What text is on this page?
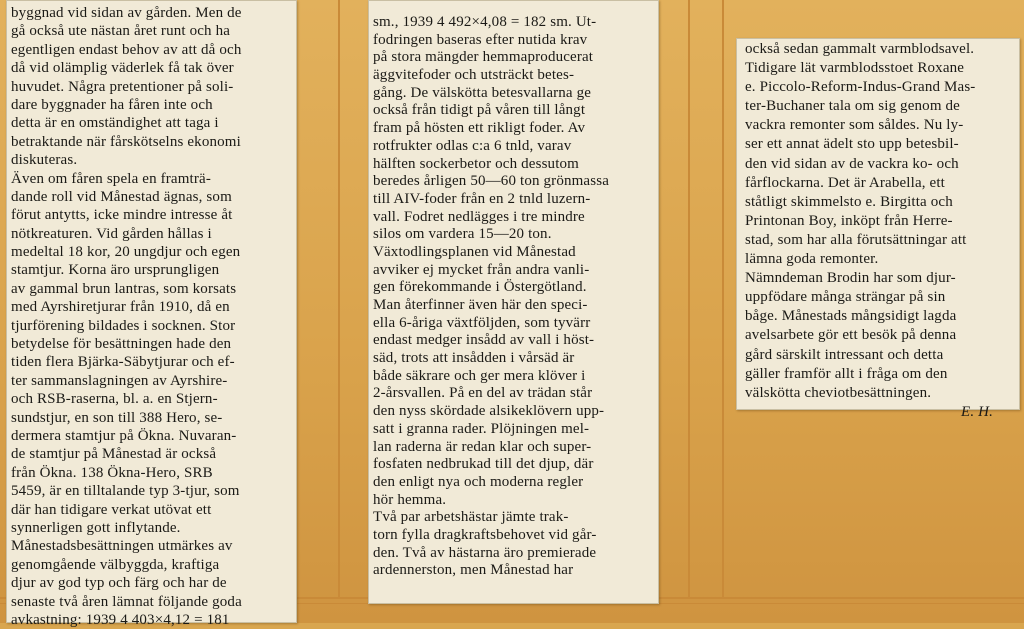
byggnad vid sidan av gården. Men de
gå också ute nästan året runt och ha
egentligen endast behov av att då och
då vid olämplig väderlek få tak över
huvudet. Några pretentioner på soli-
dare byggnader ha fåren inte och
detta är en omständighet att taga i
betraktande när fårskötselns ekonomi
diskuteras.
Även om fåren spela en framträ-
dande roll vid Månestad ägnas, som
förut antytts, icke mindre intresse åt
nötkreaturen. Vid gården hållas i
medeltal 18 kor, 20 ungdjur och egen
stamtjur. Korna äro ursprungligen
av gammal brun lantras, som korsats
med Ayrshiretjurar från 1910, då en
tjurförening bildades i socknen. Stor
betydelse för besättningen hade den
tiden flera Bjärka-Säbytjurar och ef-
ter sammanslagningen av Ayrshire-
och RSB-raserna, bl. a. en Stjern-
sundstjur, en son till 388 Hero, se-
dermera stamtjur på Ökna. Nuvaran-
de stamtjur på Månestad är också
från Ökna. 138 Ökna-Hero, SRB
5459, är en tilltalande typ 3-tjur, som
där han tidigare verkat utövat ett
synnerligen gott inflytande.
Månestadsbesättningen utmärkes av
genomgående välbyggda, kraftiga
djur av god typ och färg och har de
senaste två åren lämnat följande goda
avkastning: 1939 4 403×4,12 = 181
sm., 1939 4 492×4,08 = 182 sm. Ut-
fodringen baseras efter nutida krav
på stora mängder hemmaproducerat
äggvitefoder och utsträckt betes-
gång. De välskötta betesvallarna ge
också från tidigt på våren till långt
fram på hösten ett rikligt foder. Av
rotfrukter odlas c:a 6 tnld, varav
hälften sockerbetor och dessutom
beredes årligen 50—60 ton grönmassa
till AIV-foder från en 2 tnld luzern-
vall. Fodret nedlägges i tre mindre
silos om vardera 15—20 ton.
Växtodlingsplanen vid Månestad
avviker ej mycket från andra vanli-
gen förekommande i Östergötland.
Man återfinner även här den speci-
ella 6-åriga växtföljden, som tyvärr
endast medger insådd av vall i höst-
säd, trots att insådden i vårsäd är
både säkrare och ger mera klöver i
2-årsvallen. På en del av trädan står
den nyss skördade alsikeklövern upp-
satt i granna rader. Plöjningen mel-
lan raderna är redan klar och super-
fosfaten nedbrukad till det djup, där
den enligt nya och moderna regler
hör hemma.
Två par arbetshästar jämte trak-
torn fylla dragkraftsbehovet vid går-
den. Två av hästarna äro premierade
ardennerston, men Månestad har

också sedan gammalt varmblodsavel.
Tidigare lät varmblodsstoet Roxane
e. Piccolo-Reform-Indus-Grand Mas-
ter-Buchaner tala om sig genom de
vackra remonter som såldes. Nu ly-
ser ett annat ädelt sto upp betesbil-
den vid sidan av de vackra ko- och
fårflockarna. Det är Arabella, ett
ståtligt skimmelsto e. Birgitta och
Printonan Boy, inköpt från Herre-
stad, som har alla förutsättningar att
lämna goda remonter.
Nämndeman Brodin har som djur-
uppfödare många strängar på sin
båge. Månestads mångsidigt lagda
avelsarbete gör ett besök på denna
gård särskilt intressant och detta
gäller framför allt i fråga om den
välskötta cheviotbesättningen.
E. H.
